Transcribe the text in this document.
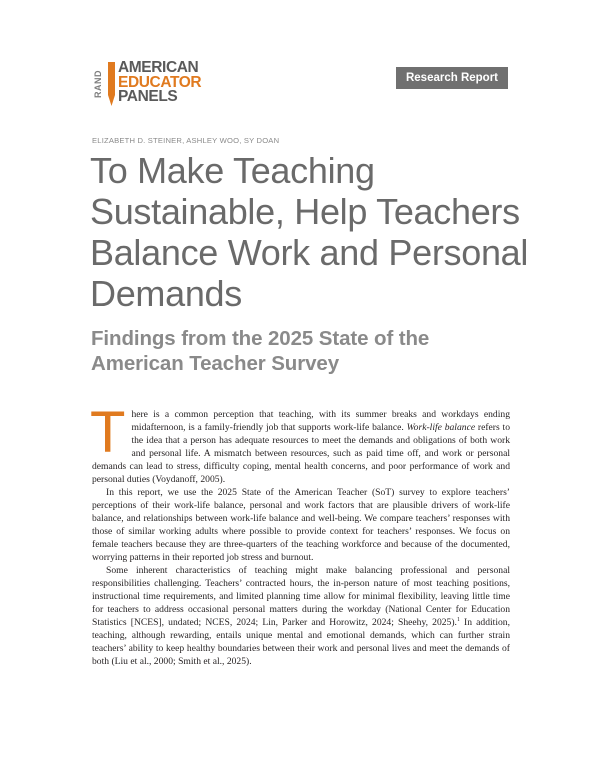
RAND
AMERICAN
EDUCATOR
PANELS
Research Report
ELIZABETH D. STEINER, ASHLEY WOO, SY DOAN
To Make Teaching Sustainable, Help Teachers Balance Work and Personal Demands
Findings from the 2025 State of the American Teacher Survey

There is a common perception that teaching, with its summer breaks and workdays ending midafternoon, is a family-friendly job that supports work-life balance. Work-life balance refers to the idea that a person has adequate resources to meet the demands and obligations of both work and personal life. A mismatch between resources, such as paid time off, and work or personal demands can lead to stress, difficulty coping, mental health concerns, and poor performance of work and personal duties (Voydanoff, 2005).

In this report, we use the 2025 State of the American Teacher (SoT) survey to explore teachers’ perceptions of their work-life balance, personal and work factors that are plausible drivers of work-life balance, and relationships between work-life balance and well-being. We compare teachers’ responses with those of similar working adults where possible to provide context for teachers’ responses. We focus on female teachers because they are three-quarters of the teaching workforce and because of the documented, worrying patterns in their reported job stress and burnout.

Some inherent characteristics of teaching might make balancing professional and personal responsibilities challenging. Teachers’ contracted hours, the in-person nature of most teaching positions, instructional time requirements, and limited planning time allow for minimal flexibility, leaving little time for teachers to address occasional personal matters during the workday (National Center for Education Statistics [NCES], undated; NCES, 2024; Lin, Parker and Horowitz, 2024; Sheehy, 2025).$^1$ In addition, teaching, although rewarding, entails unique mental and emotional demands, which can further strain teachers’ ability to keep healthy boundaries between their work and personal lives and meet the demands of both (Liu et al., 2000; Smith et al., 2025).
